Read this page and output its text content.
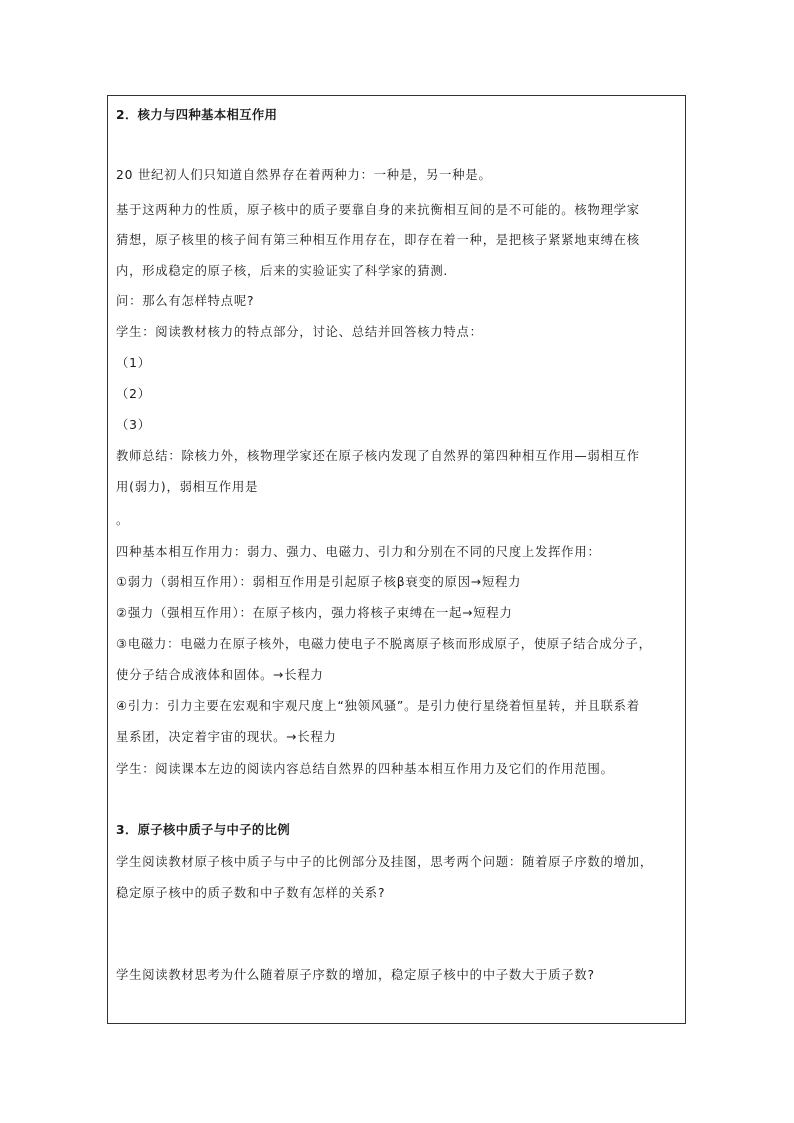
2．核力与四种基本相互作用
20 世纪初人们只知道自然界存在着两种力：一种是，另一种是。
基于这两种力的性质，原子核中的质子要靠自身的来抗衡相互间的是不可能的。核物理学家
猜想，原子核里的核子间有第三种相互作用存在，即存在着一种，是把核子紧紧地束缚在核
内，形成稳定的原子核，后来的实验证实了科学家的猜测.
问：那么有怎样特点呢?
学生：阅读教材核力的特点部分，讨论、总结并回答核力特点：
（1）
（2）
（3）
教师总结：除核力外，核物理学家还在原子核内发现了自然界的第四种相互作用—弱相互作
用(弱力)，弱相互作用是
。
四种基本相互作用力：弱力、强力、电磁力、引力和分别在不同的尺度上发挥作用：
①弱力（弱相互作用）：弱相互作用是引起原子核β衰变的原因→短程力
②强力（强相互作用）：在原子核内，强力将核子束缚在一起→短程力
③电磁力：电磁力在原子核外，电磁力使电子不脱离原子核而形成原子，使原子结合成分子，
使分子结合成液体和固体。→长程力
④引力：引力主要在宏观和宇观尺度上“独领风骚”。是引力使行星绕着恒星转，并且联系着
星系团，决定着宇宙的现状。→长程力
学生：阅读课本左边的阅读内容总结自然界的四种基本相互作用力及它们的作用范围。
3．原子核中质子与中子的比例
学生阅读教材原子核中质子与中子的比例部分及挂图，思考两个问题：随着原子序数的增加，
稳定原子核中的质子数和中子数有怎样的关系?
学生阅读教材思考为什么随着原子序数的增加，稳定原子核中的中子数大于质子数?
